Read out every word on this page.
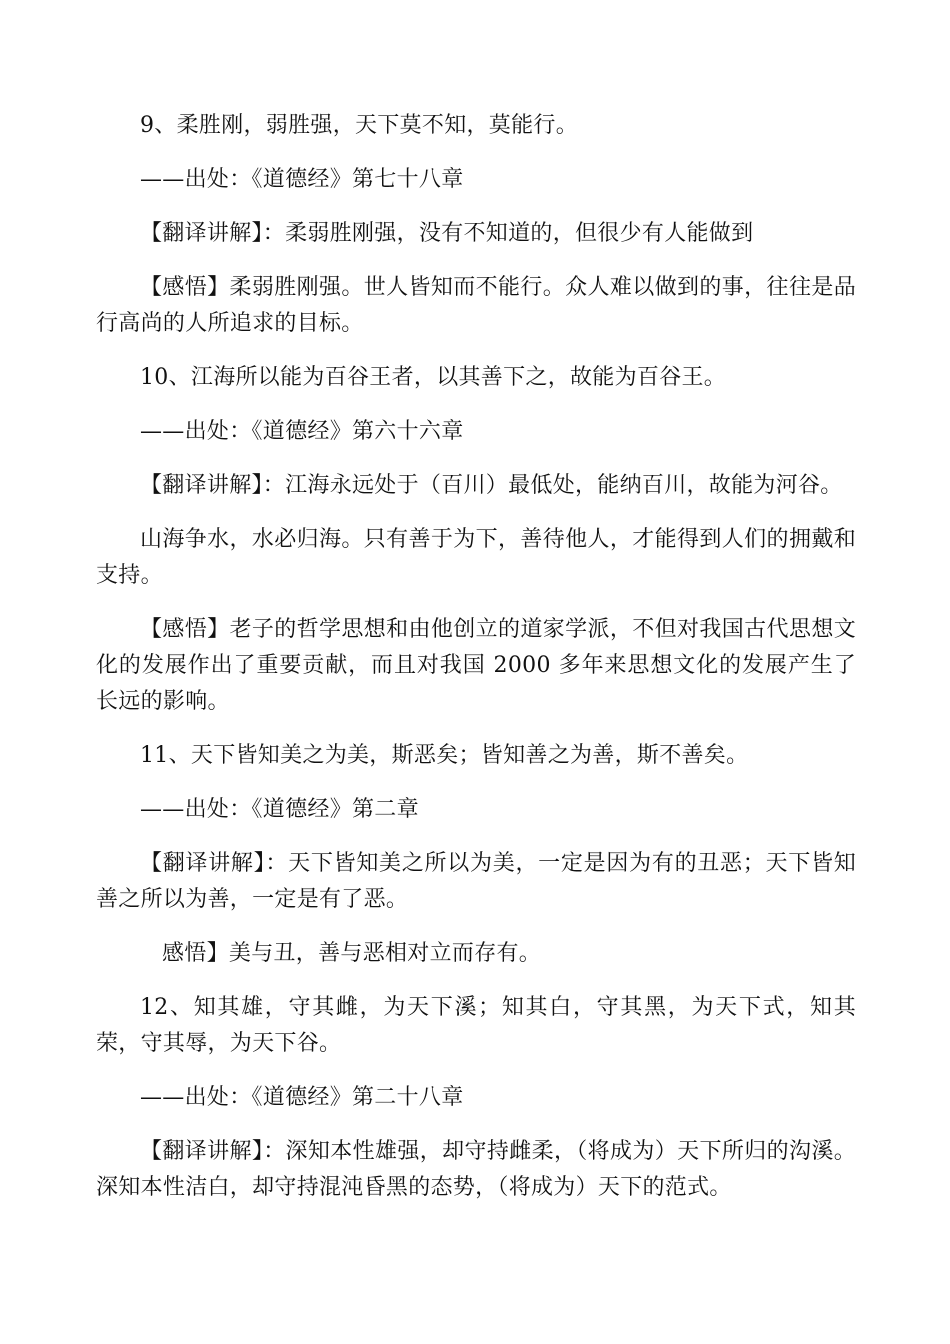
9、柔胜刚，弱胜强，天下莫不知，莫能行。

——出处：《道德经》第七十八章

【翻译讲解】：柔弱胜刚强，没有不知道的，但很少有人能做到

【感悟】柔弱胜刚强。世人皆知而不能行。众人难以做到的事，往往是品行高尚的人所追求的目标。

10、江海所以能为百谷王者，以其善下之，故能为百谷王。

——出处：《道德经》第六十六章

【翻译讲解】：江海永远处于（百川）最低处，能纳百川，故能为河谷。

山海争水，水必归海。只有善于为下，善待他人，才能得到人们的拥戴和支持。

【感悟】老子的哲学思想和由他创立的道家学派，不但对我国古代思想文化的发展作出了重要贡献，而且对我国 2000 多年来思想文化的发展产生了长远的影响。

11、天下皆知美之为美，斯恶矣；皆知善之为善，斯不善矣。

——出处：《道德经》第二章

【翻译讲解】：天下皆知美之所以为美，一定是因为有的丑恶；天下皆知善之所以为善，一定是有了恶。

感悟】美与丑，善与恶相对立而存有。

12、知其雄，守其雌，为天下溪；知其白，守其黑，为天下式，知其荣，守其辱，为天下谷。

——出处：《道德经》第二十八章

【翻译讲解】：深知本性雄强，却守持雌柔，（将成为）天下所归的沟溪。深知本性洁白，却守持混沌昏黑的态势，（将成为）天下的范式。
